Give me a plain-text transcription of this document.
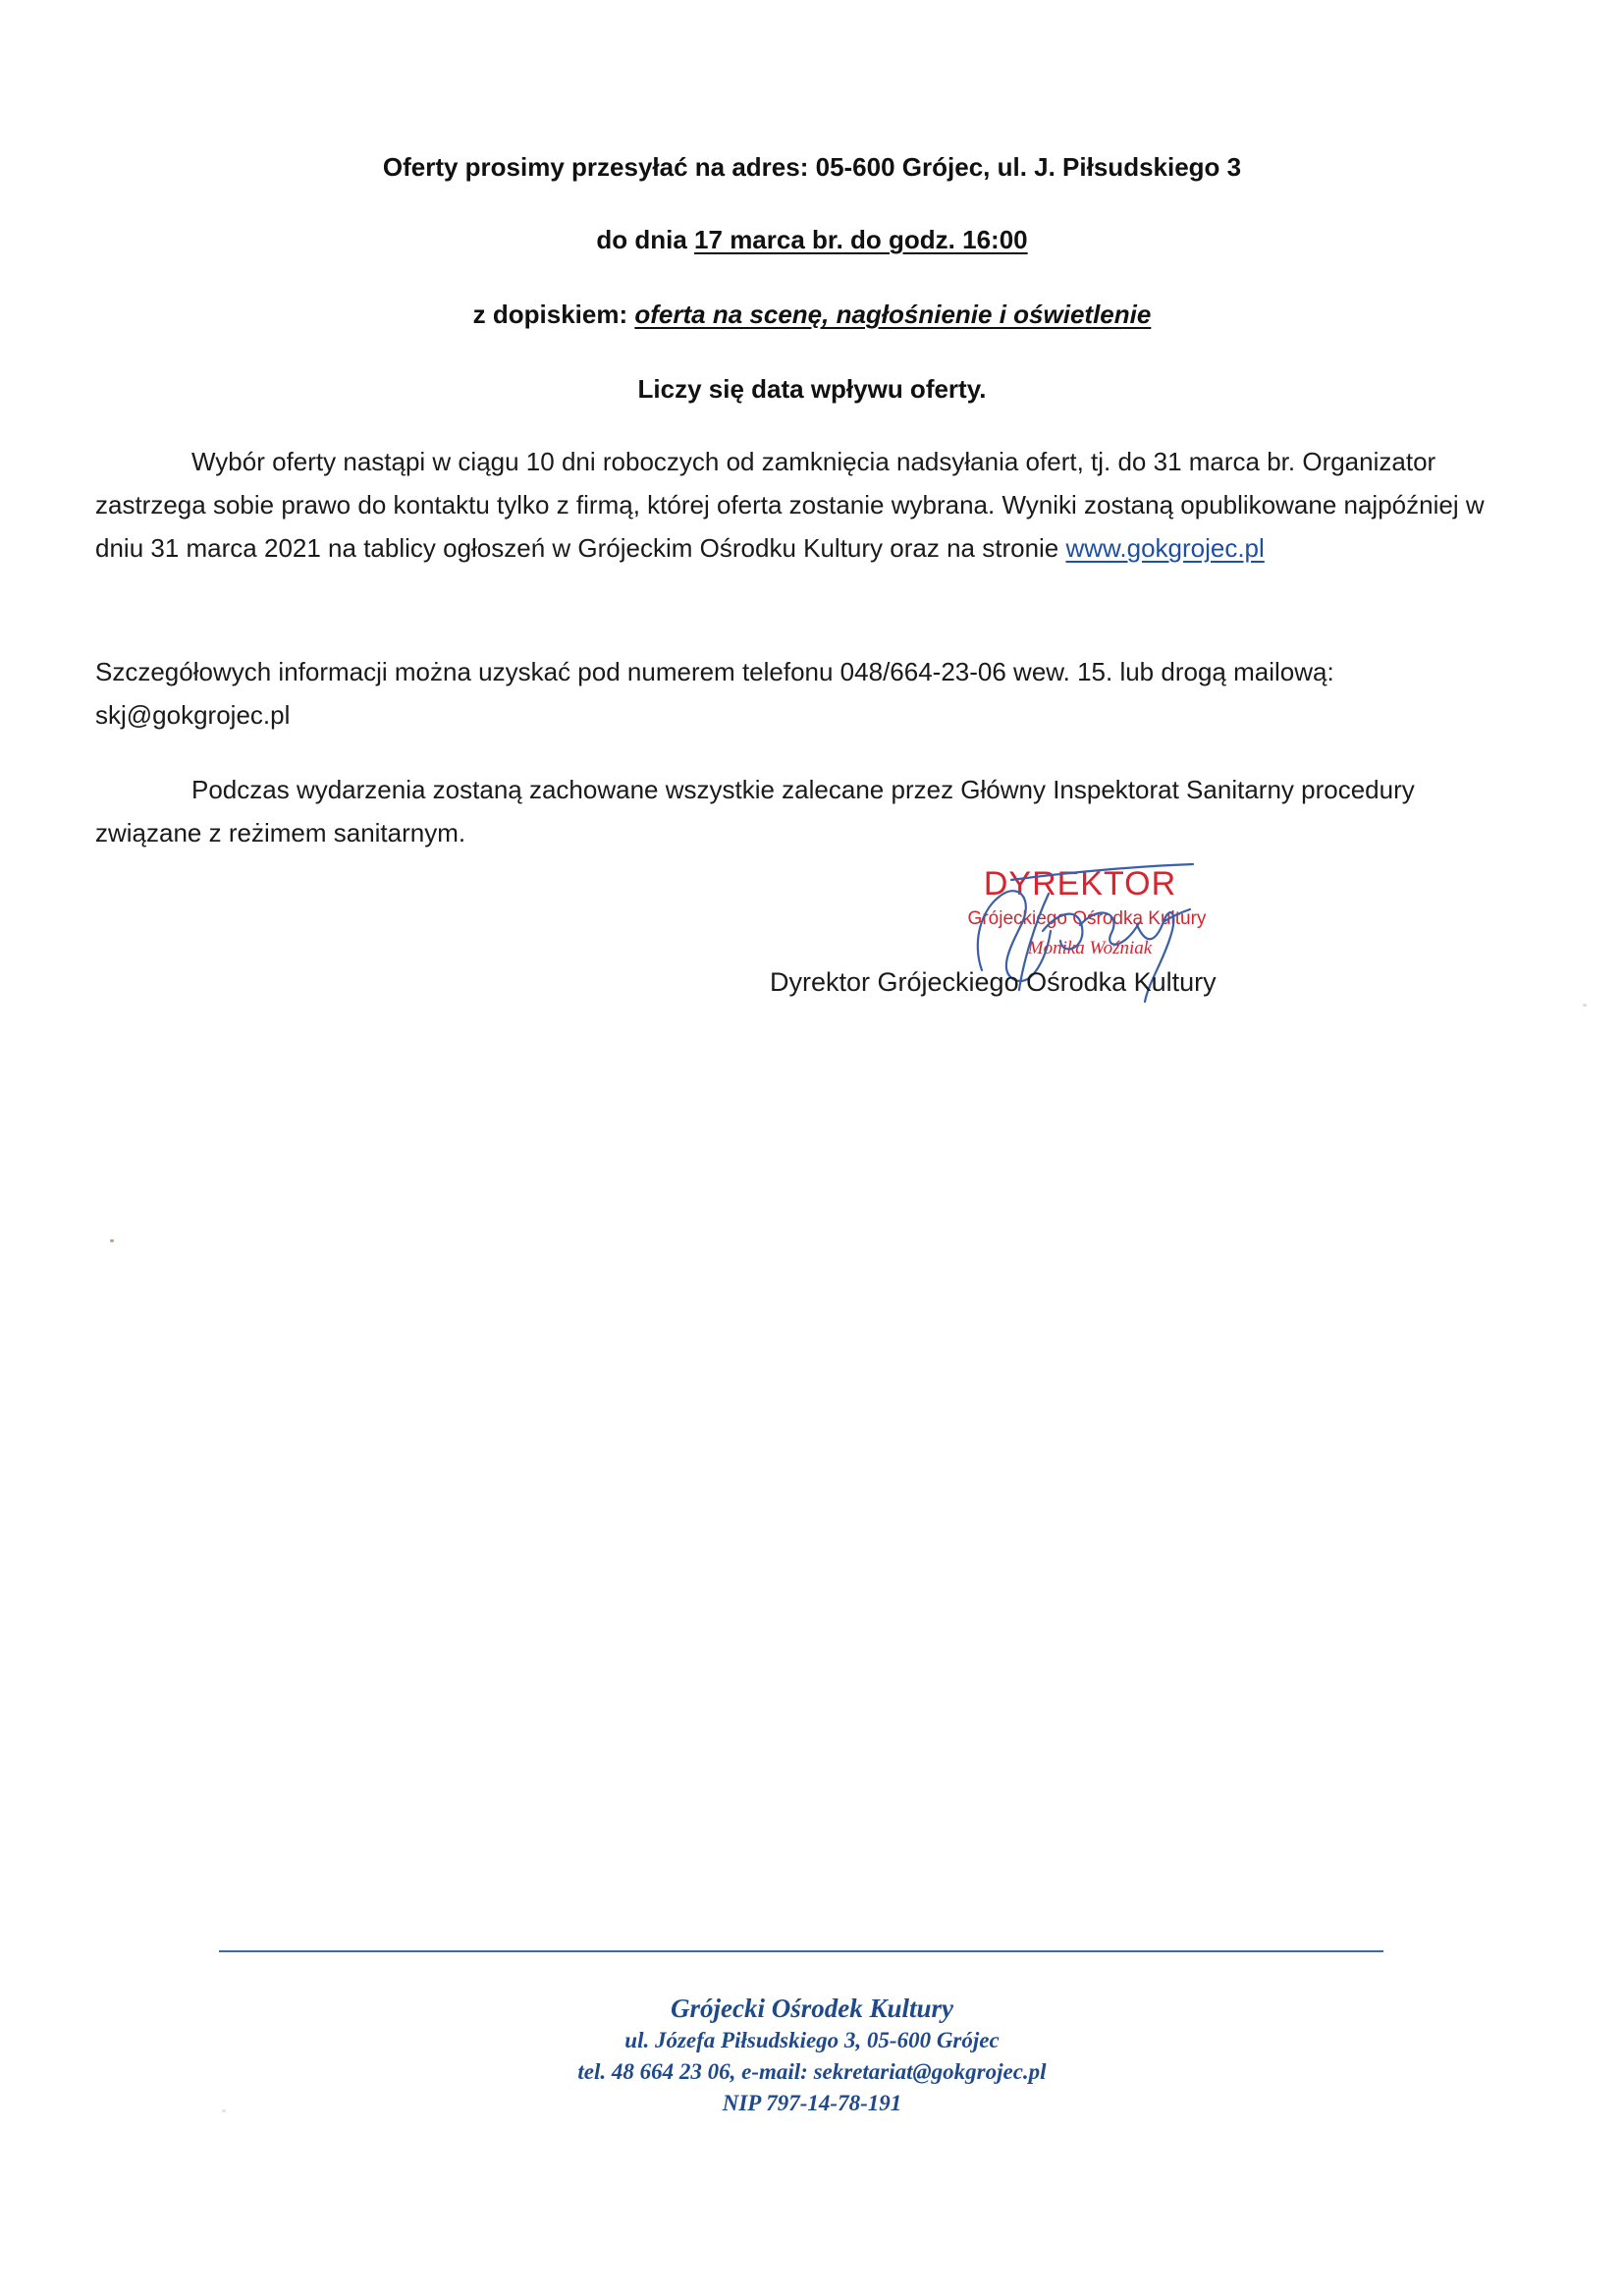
Oferty prosimy przesyłać na adres: 05-600 Grójec, ul. J. Piłsudskiego 3
do dnia 17 marca br. do godz. 16:00
z dopiskiem: oferta na scenę, nagłośnienie i oświetlenie
Liczy się data wpływu oferty.
Wybór oferty nastąpi w ciągu 10 dni roboczych od zamknięcia nadsyłania ofert, tj. do 31 marca br. Organizator zastrzega sobie prawo do kontaktu tylko z firmą, której oferta zostanie wybrana. Wyniki zostaną opublikowane najpóźniej w dniu 31 marca 2021 na tablicy ogłoszeń w Grójeckim Ośrodku Kultury oraz na stronie www.gokgrojec.pl
Szczegółowych informacji można uzyskać pod numerem telefonu 048/664-23-06 wew. 15. lub drogą mailową: skj@gokgrojec.pl
Podczas wydarzenia zostaną zachowane wszystkie zalecane przez Główny Inspektorat Sanitarny procedury związane z reżimem sanitarnym.
DYREKTOR
Grójeckiego Ośrodka Kultury
Monika Woźniak
Dyrektor Grójeckiego Ośrodka Kultury
Grójecki Ośrodek Kultury
ul. Józefa Piłsudskiego 3, 05-600 Grójec
tel. 48 664 23 06, e-mail: sekretariat@gokgrojec.pl
NIP 797-14-78-191
